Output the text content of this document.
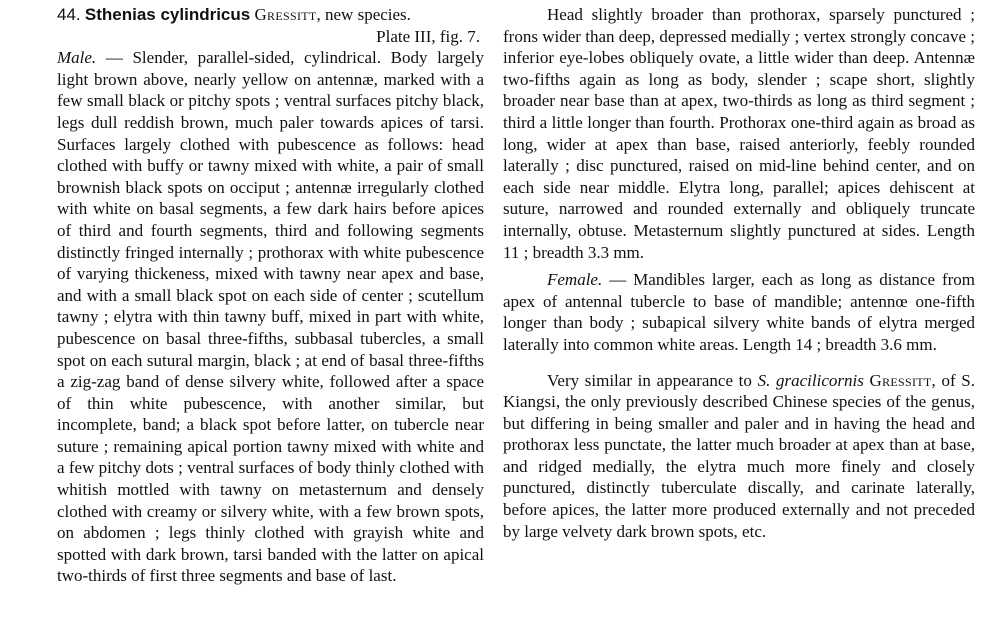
44. Sthenias cylindricus Gressitt, new species.

Plate III, fig. 7.

Male. — Slender, parallel-sided, cylindrical. Body largely light brown above, nearly yellow on antennæ, marked with a few small black or pitchy spots ; ventral surfaces pitchy black, legs dull reddish brown, much paler towards apices of tarsi. Surfaces largely clothed with pubescence as follows: head clothed with buffy or tawny mixed with white, a pair of small brownish black spots on occiput ; antennæ irregularly clothed with white on basal segments, a few dark hairs before apices of third and fourth segments, third and following segments distinctly fringed internally ; prothorax with white pubescence of varying thickeness, mixed with tawny near apex and base, and with a small black spot on each side of center ; scutellum tawny ; elytra with thin tawny buff, mixed in part with white, pubescence on basal three-fifths, subbasal tubercles, a small spot on each sutural margin, black ; at end of basal three-fifths a zig-zag band of dense silvery white, followed after a space of thin white pubescence, with another similar, but incomplete, band; a black spot before latter, on tubercle near suture ; remaining apical portion tawny mixed with white and a few pitchy dots ; ventral surfaces of body thinly clothed with whitish mottled with tawny on metasternum and densely clothed with creamy or silvery white, with a few brown spots, on abdomen ; legs thinly clothed with grayish white and spotted with dark brown, tarsi banded with the latter on apical two-thirds of first three segments and base of last.

Head slightly broader than prothorax, sparsely punctured ; frons wider than deep, depressed medially ; vertex strongly concave ; inferior eye-lobes obliquely ovate, a little wider than deep. Antennæ two-fifths again as long as body, slender ; scape short, slightly broader near base than at apex, two-thirds as long as third segment ; third a little longer than fourth. Prothorax one-third again as broad as long, wider at apex than base, raised anteriorly, feebly rounded laterally ; disc punctured, raised on mid-line behind center, and on each side near middle. Elytra long, parallel; apices dehiscent at suture, narrowed and rounded externally and obliquely truncate internally, obtuse. Metasternum slightly punctured at sides. Length 11 ; breadth 3.3 mm.

Female. — Mandibles larger, each as long as distance from apex of antennal tubercle to base of mandible; antennœ one-fifth longer than body ; subapical silvery white bands of elytra merged laterally into common white areas. Length 14 ; breadth 3.6 mm.

Very similar in appearance to S. gracilicornis Gressitt, of S. Kiangsi, the only previously described Chinese species of the genus, but differing in being smaller and paler and in having the head and prothorax less punctate, the latter much broader at apex than at base, and ridged medially, the elytra much more finely and closely punctured, distinctly tuberculate discally, and carinate laterally, before apices, the latter more produced externally and not preceded by large velvety dark brown spots, etc.
